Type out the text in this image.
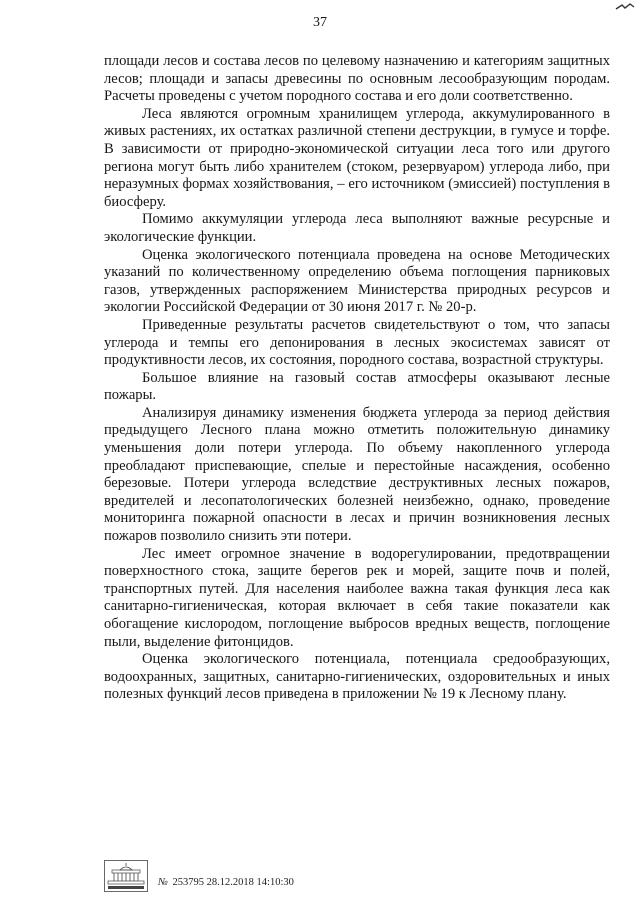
37

площади лесов и состава лесов по целевому назначению и категориям защитных лесов; площади и запасы древесины по основным лесообразующим породам. Расчеты проведены с учетом породного состава и его доли соответственно.

Леса являются огромным хранилищем углерода, аккумулированного в живых растениях, их остатках различной степени деструкции, в гумусе и торфе. В зависимости от природно-экономической ситуации леса того или другого региона могут быть либо хранителем (стоком, резервуаром) углерода либо, при неразумных формах хозяйствования, – его источником (эмиссией) поступления в биосферу.

Помимо аккумуляции углерода леса выполняют важные ресурсные и экологические функции.

Оценка экологического потенциала проведена на основе Методических указаний по количественному определению объема поглощения парниковых газов, утвержденных распоряжением Министерства природных ресурсов и экологии Российской Федерации от 30 июня 2017 г. № 20-р.

Приведенные результаты расчетов свидетельствуют о том, что запасы углерода и темпы его депонирования в лесных экосистемах зависят от продуктивности лесов, их состояния, породного состава, возрастной структуры.

Большое влияние на газовый состав атмосферы оказывают лесные пожары.

Анализируя динамику изменения бюджета углерода за период действия предыдущего Лесного плана можно отметить положительную динамику уменьшения доли потери углерода. По объему накопленного углерода преобладают приспевающие, спелые и перестойные насаждения, особенно березовые. Потери углерода вследствие деструктивных лесных пожаров, вредителей и лесопатологических болезней неизбежно, однако, проведение мониторинга пожарной опасности в лесах и причин возникновения лесных пожаров позволило снизить эти потери.

Лес имеет огромное значение в водорегулировании, предотвращении поверхностного стока, защите берегов рек и морей, защите почв и полей, транспортных путей. Для населения наиболее важна такая функция леса как санитарно-гигиеническая, которая включает в себя такие показатели как обогащение кислородом, поглощение выбросов вредных веществ, поглощение пыли, выделение фитонцидов.

Оценка экологического потенциала, потенциала средообразующих, водоохранных, защитных, санитарно-гигиенических, оздоровительных и иных полезных функций лесов приведена в приложении № 19 к Лесному плану.

№ 253795 28.12.2018 14:10:30
